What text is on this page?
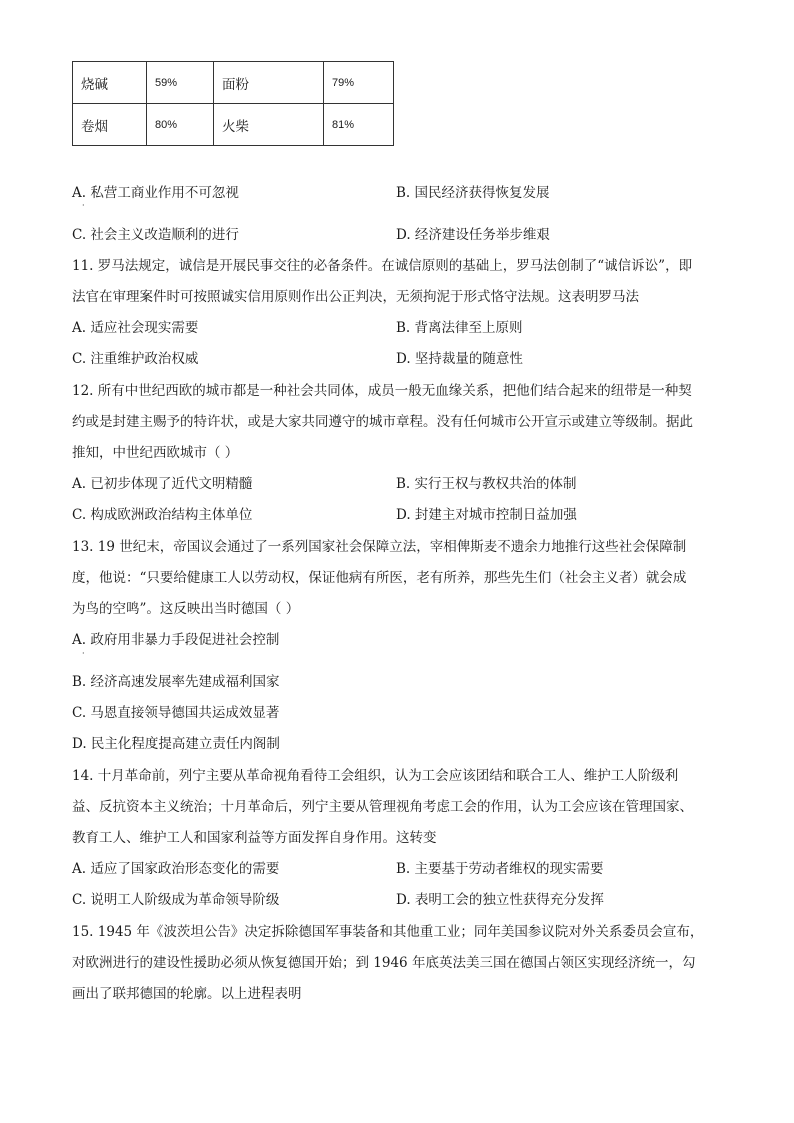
烧碱	59%	面粉	79%
卷烟	80%	火柴	81%
A. 私营工商业作用不可忽视	B. 国民经济获得恢复发展
·
C. 社会主义改造顺利的进行	D. 经济建设任务举步维艰
11. 罗马法规定，诚信是开展民事交往的必备条件。在诚信原则的基础上，罗马法创制了“诚信诉讼”，即
法官在审理案件时可按照诚实信用原则作出公正判决，无须拘泥于形式恪守法规。这表明罗马法
A. 适应社会现实需要	B. 背离法律至上原则
C. 注重维护政治权威	D. 坚持裁量的随意性
12. 所有中世纪西欧的城市都是一种社会共同体，成员一般无血缘关系，把他们结合起来的纽带是一种契
约或是封建主赐予的特许状，或是大家共同遵守的城市章程。没有任何城市公开宣示或建立等级制。据此
推知，中世纪西欧城市（ ）
A. 已初步体现了近代文明精髓	B. 实行王权与教权共治的体制
C. 构成欧洲政治结构主体单位	D. 封建主对城市控制日益加强
13. 19 世纪末，帝国议会通过了一系列国家社会保障立法，宰相俾斯麦不遗余力地推行这些社会保障制
度，他说：“只要给健康工人以劳动权，保证他病有所医，老有所养，那些先生们（社会主义者）就会成
为鸟的空鸣”。这反映出当时德国（ ）
A. 政府用非暴力手段促进社会控制
·
B. 经济高速发展率先建成福利国家
C. 马恩直接领导德国共运成效显著
D. 民主化程度提高建立责任内阁制
14. 十月革命前，列宁主要从革命视角看待工会组织，认为工会应该团结和联合工人、维护工人阶级利
益、反抗资本主义统治；十月革命后，列宁主要从管理视角考虑工会的作用，认为工会应该在管理国家、
教育工人、维护工人和国家利益等方面发挥自身作用。这转变
A. 适应了国家政治形态变化的需要	B. 主要基于劳动者维权的现实需要
C. 说明工人阶级成为革命领导阶级	D. 表明工会的独立性获得充分发挥
15. 1945 年《波茨坦公告》决定拆除德国军事装备和其他重工业；同年美国参议院对外关系委员会宣布，
对欧洲进行的建设性援助必须从恢复德国开始；到 1946 年底英法美三国在德国占领区实现经济统一，勾
画出了联邦德国的轮廓。以上进程表明
